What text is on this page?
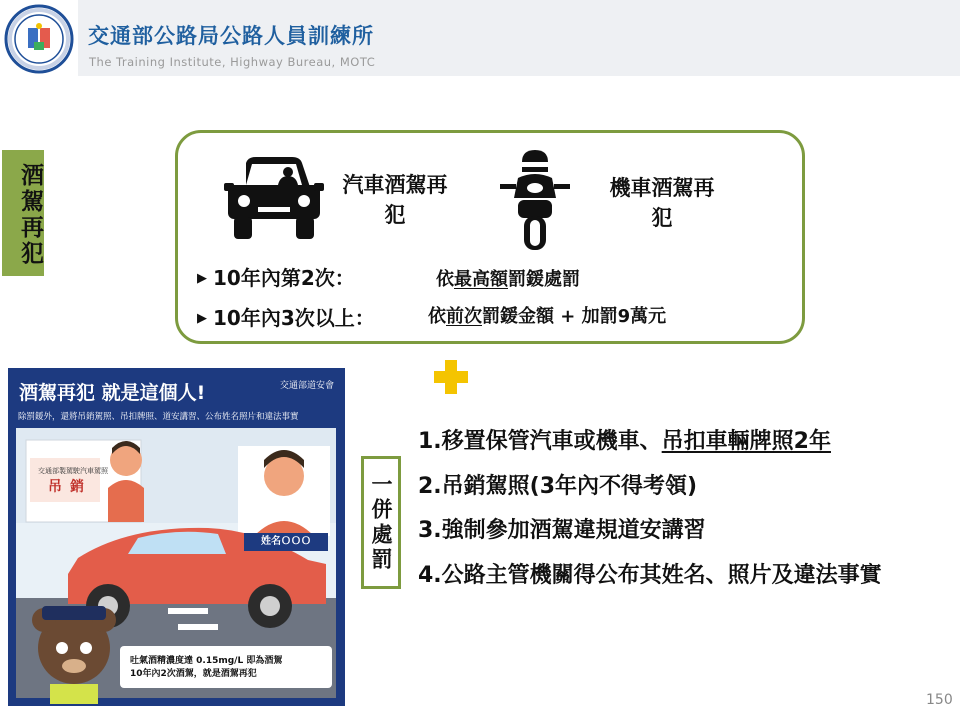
交通部公路局公路人員訓練所
The Training Institute, Highway Bureau, MOTC
酒駕再犯	汽車酒駕再犯
機車酒駕再犯
▶ 10年內第2次：	依最高額罰鍰處罰
▶ 10年內3次以上：	依前次罰鍰金額 + 加罰9萬元
酒駕再犯 就是這個人!	交通部道安會
除罰鍰外，還將吊銷駕照、吊扣牌照、道安講習、公布姓名照片和違法事實
交通部製駕駛汽車駕照
吊銷
姓名ＯＯＯ
吐氣酒精濃度達 0.15mg/L 即為酒駕
10年內2次酒駕，就是酒駕再犯
一併處罰
1.移置保管汽車或機車、吊扣車輛牌照2年
2.吊銷駕照(3年內不得考領)
3.強制參加酒駕違規道安講習
4.公路主管機關得公布其姓名、照片及違法事實
150
